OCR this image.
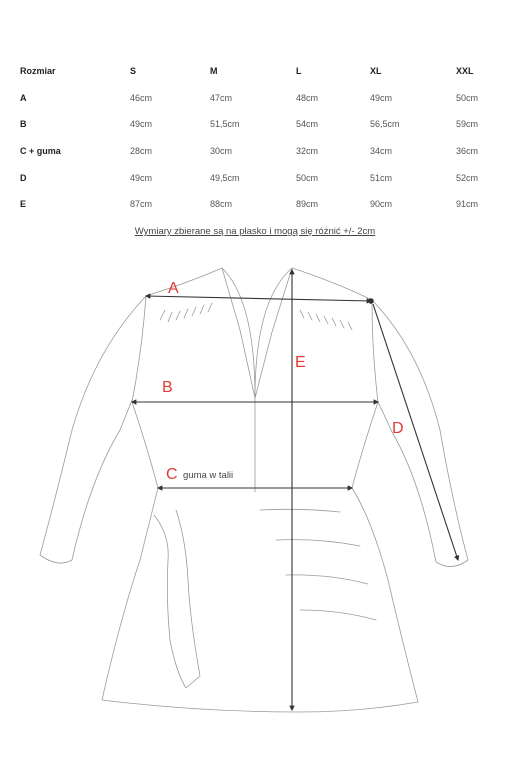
Rozmiar	S	M	L	XL	XXL
A	46cm	47cm	48cm	49cm	50cm
B	49cm	51,5cm	54cm	56,5cm	59cm
C + guma	28cm	30cm	32cm	34cm	36cm
D	49cm	49,5cm	50cm	51cm	52cm
E	87cm	88cm	89cm	90cm	91cm
Wymiary zbierane są na płasko i mogą się różnić +/- 2cm
A
B
C guma w talii
D
E
